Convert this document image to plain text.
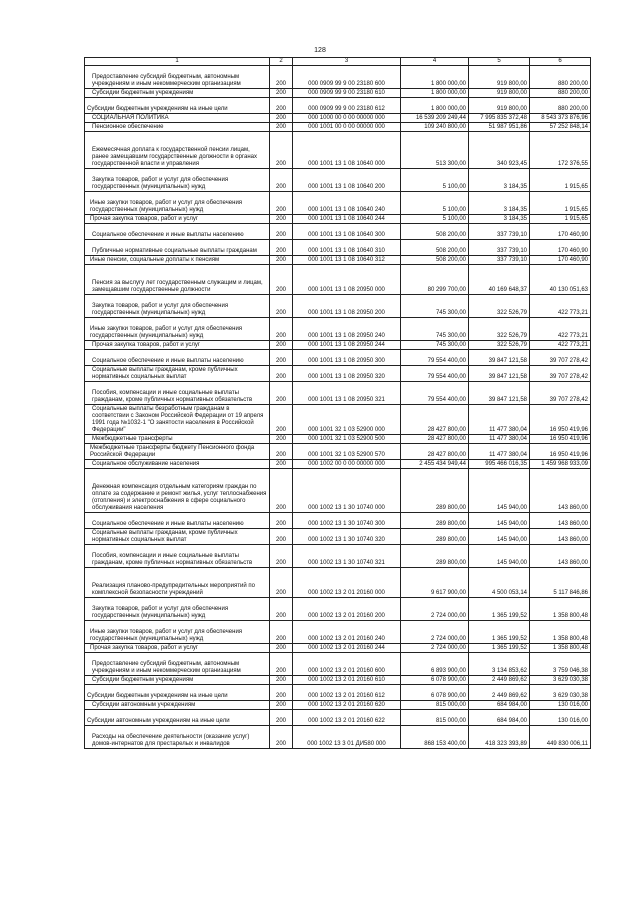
128
1	2	3	4	5	6
Предоставление субсидий бюджетным, автономным учреждениям и иным некоммерческим организациям	200	000 0909 99 9 00 23180 600	1 800 000,00	919 800,00	880 200,00
Субсидии бюджетным учреждениям	200	000 0909 99 9 00 23180 610	1 800 000,00	919 800,00	880 200,00
Субсидии бюджетным учреждениям на иные цели	200	000 0909 99 9 00 23180 612	1 800 000,00	919 800,00	880 200,00
СОЦИАЛЬНАЯ ПОЛИТИКА	200	000 1000 00 0 00 00000 000	16 539 209 249,44	7 995 835 372,48	8 543 373 876,96
Пенсионное обеспечение	200	000 1001 00 0 00 00000 000	109 240 800,00	51 987 951,86	57 252 848,14
Ежемесячная доплата к государственной пенсии лицам, ранее замещавшим государственные должности в органах государственной власти и управления	200	000 1001 13 1 08 10640 000	513 300,00	340 923,45	172 376,55
Закупка товаров, работ и услуг для обеспечения государственных (муниципальных) нужд	200	000 1001 13 1 08 10640 200	5 100,00	3 184,35	1 915,65
Иные закупки товаров, работ и услуг для обеспечения государственных (муниципальных) нужд	200	000 1001 13 1 08 10640 240	5 100,00	3 184,35	1 915,65
Прочая закупка товаров, работ и услуг	200	000 1001 13 1 08 10640 244	5 100,00	3 184,35	1 915,65
Социальное обеспечение и иные выплаты населению	200	000 1001 13 1 08 10640 300	508 200,00	337 739,10	170 460,90
Публичные нормативные социальные выплаты гражданам	200	000 1001 13 1 08 10640 310	508 200,00	337 739,10	170 460,90
Иные пенсии, социальные доплаты к пенсиям	200	000 1001 13 1 08 10640 312	508 200,00	337 739,10	170 460,90
Пенсия за выслугу лет государственным служащим и лицам, замещавшим государственные должности	200	000 1001 13 1 08 20950 000	80 299 700,00	40 169 648,37	40 130 051,63
Закупка товаров, работ и услуг для обеспечения государственных (муниципальных) нужд	200	000 1001 13 1 08 20950 200	745 300,00	322 526,79	422 773,21
Иные закупки товаров, работ и услуг для обеспечения государственных (муниципальных) нужд	200	000 1001 13 1 08 20950 240	745 300,00	322 526,79	422 773,21
Прочая закупка товаров, работ и услуг	200	000 1001 13 1 08 20950 244	745 300,00	322 526,79	422 773,21
Социальное обеспечение и иные выплаты населению	200	000 1001 13 1 08 20950 300	79 554 400,00	39 847 121,58	39 707 278,42
Социальные выплаты гражданам, кроме публичных нормативных социальных выплат	200	000 1001 13 1 08 20950 320	79 554 400,00	39 847 121,58	39 707 278,42
Пособия, компенсации и иные социальные выплаты гражданам, кроме публичных нормативных обязательств	200	000 1001 13 1 08 20950 321	79 554 400,00	39 847 121,58	39 707 278,42
Социальные выплаты безработным гражданам в соответствии с Законом Российской Федерации от 19 апреля 1991 года №1032-1 "О занятости населения в Российской Федерации"	200	000 1001 32 1 03 52900 000	28 427 800,00	11 477 380,04	16 950 419,96
Межбюджетные трансферты	200	000 1001 32 1 03 52900 500	28 427 800,00	11 477 380,04	16 950 419,96
Межбюджетные трансферты бюджету Пенсионного фонда Российской Федерации	200	000 1001 32 1 03 52900 570	28 427 800,00	11 477 380,04	16 950 419,96
Социальное обслуживание населения	200	000 1002 00 0 00 00000 000	2 455 434 949,44	995 466 016,35	1 459 968 933,09
Денежная компенсация отдельным категориям граждан по оплате за содержание и ремонт жилья, услуг теплоснабжения (отопления) и электроснабжения в сфере социального обслуживания населения	200	000 1002 13 1 30 10740 000	289 800,00	145 940,00	143 860,00
Социальное обеспечение и иные выплаты населению	200	000 1002 13 1 30 10740 300	289 800,00	145 940,00	143 860,00
Социальные выплаты гражданам, кроме публичных нормативных социальных выплат	200	000 1002 13 1 30 10740 320	289 800,00	145 940,00	143 860,00
Пособия, компенсации и иные социальные выплаты гражданам, кроме публичных нормативных обязательств	200	000 1002 13 1 30 10740 321	289 800,00	145 940,00	143 860,00
Реализация планово-предупредительных мероприятий по комплексной безопасности учреждений	200	000 1002 13 2 01 20160 000	9 617 900,00	4 500 053,14	5 117 846,86
Закупка товаров, работ и услуг для обеспечения государственных (муниципальных) нужд	200	000 1002 13 2 01 20160 200	2 724 000,00	1 365 199,52	1 358 800,48
Иные закупки товаров, работ и услуг для обеспечения государственных (муниципальных) нужд	200	000 1002 13 2 01 20160 240	2 724 000,00	1 365 199,52	1 358 800,48
Прочая закупка товаров, работ и услуг	200	000 1002 13 2 01 20160 244	2 724 000,00	1 365 199,52	1 358 800,48
Предоставление субсидий бюджетным, автономным учреждениям и иным некоммерческим организациям	200	000 1002 13 2 01 20160 600	6 893 900,00	3 134 853,62	3 759 046,38
Субсидии бюджетным учреждениям	200	000 1002 13 2 01 20160 610	6 078 900,00	2 449 869,62	3 629 030,38
Субсидии бюджетным учреждениям на иные цели	200	000 1002 13 2 01 20160 612	6 078 900,00	2 449 869,62	3 629 030,38
Субсидии автономным учреждениям	200	000 1002 13 2 01 20160 620	815 000,00	684 984,00	130 016,00
Субсидии автономным учреждениям на иные цели	200	000 1002 13 2 01 20160 622	815 000,00	684 984,00	130 016,00
Расходы на обеспечение деятельности (оказание услуг) домов-интернатов для престарелых и инвалидов	200	000 1002 13 3 01 ДИ580 000	868 153 400,00	418 323 393,89	449 830 006,11
